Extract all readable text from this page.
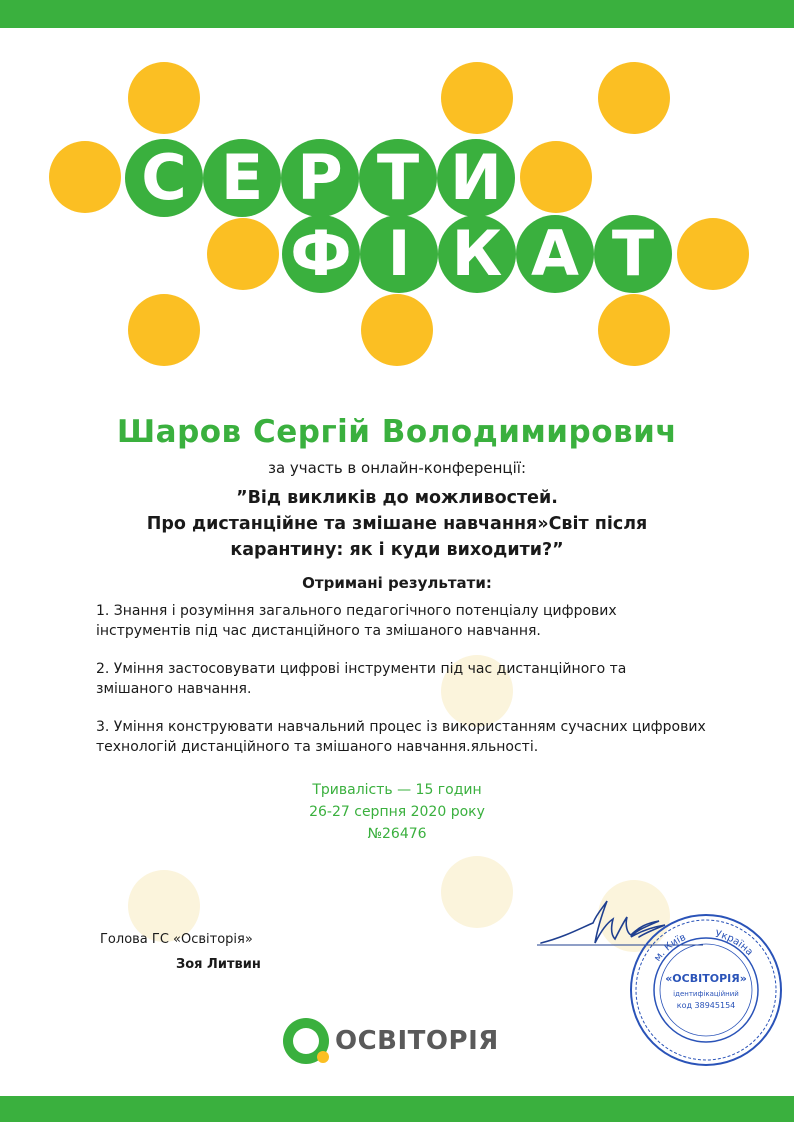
С Е Р Т И
Ф І К А Т
Шаров Сергій Володимирович
за участь в онлайн-конференції:
”Від викликів до можливостей.
Про дистанційне та змішане навчання»Світ після
карантину: як і куди виходити?”
Отримані результати:

1. Знання і розуміння загального педагогічного потенціалу цифрових інструментів під час дистанційного та змішаного навчання.

2. Уміння застосовувати цифрові інструменти під час дистанційного та змішаного навчання.

3. Уміння конструювати навчальний процес із використанням сучасних цифрових технологій дистанційного та змішаного навчання.яльності.

Тривалість — 15 годин
26-27 серпня 2020 року
№26476
Голова ГС «Освіторія»
Зоя Литвин	м. Київ	Україна
«ОСВІТОРІЯ»
ідентифікаційний
код 38945154
ОСВІТОРІЯ
